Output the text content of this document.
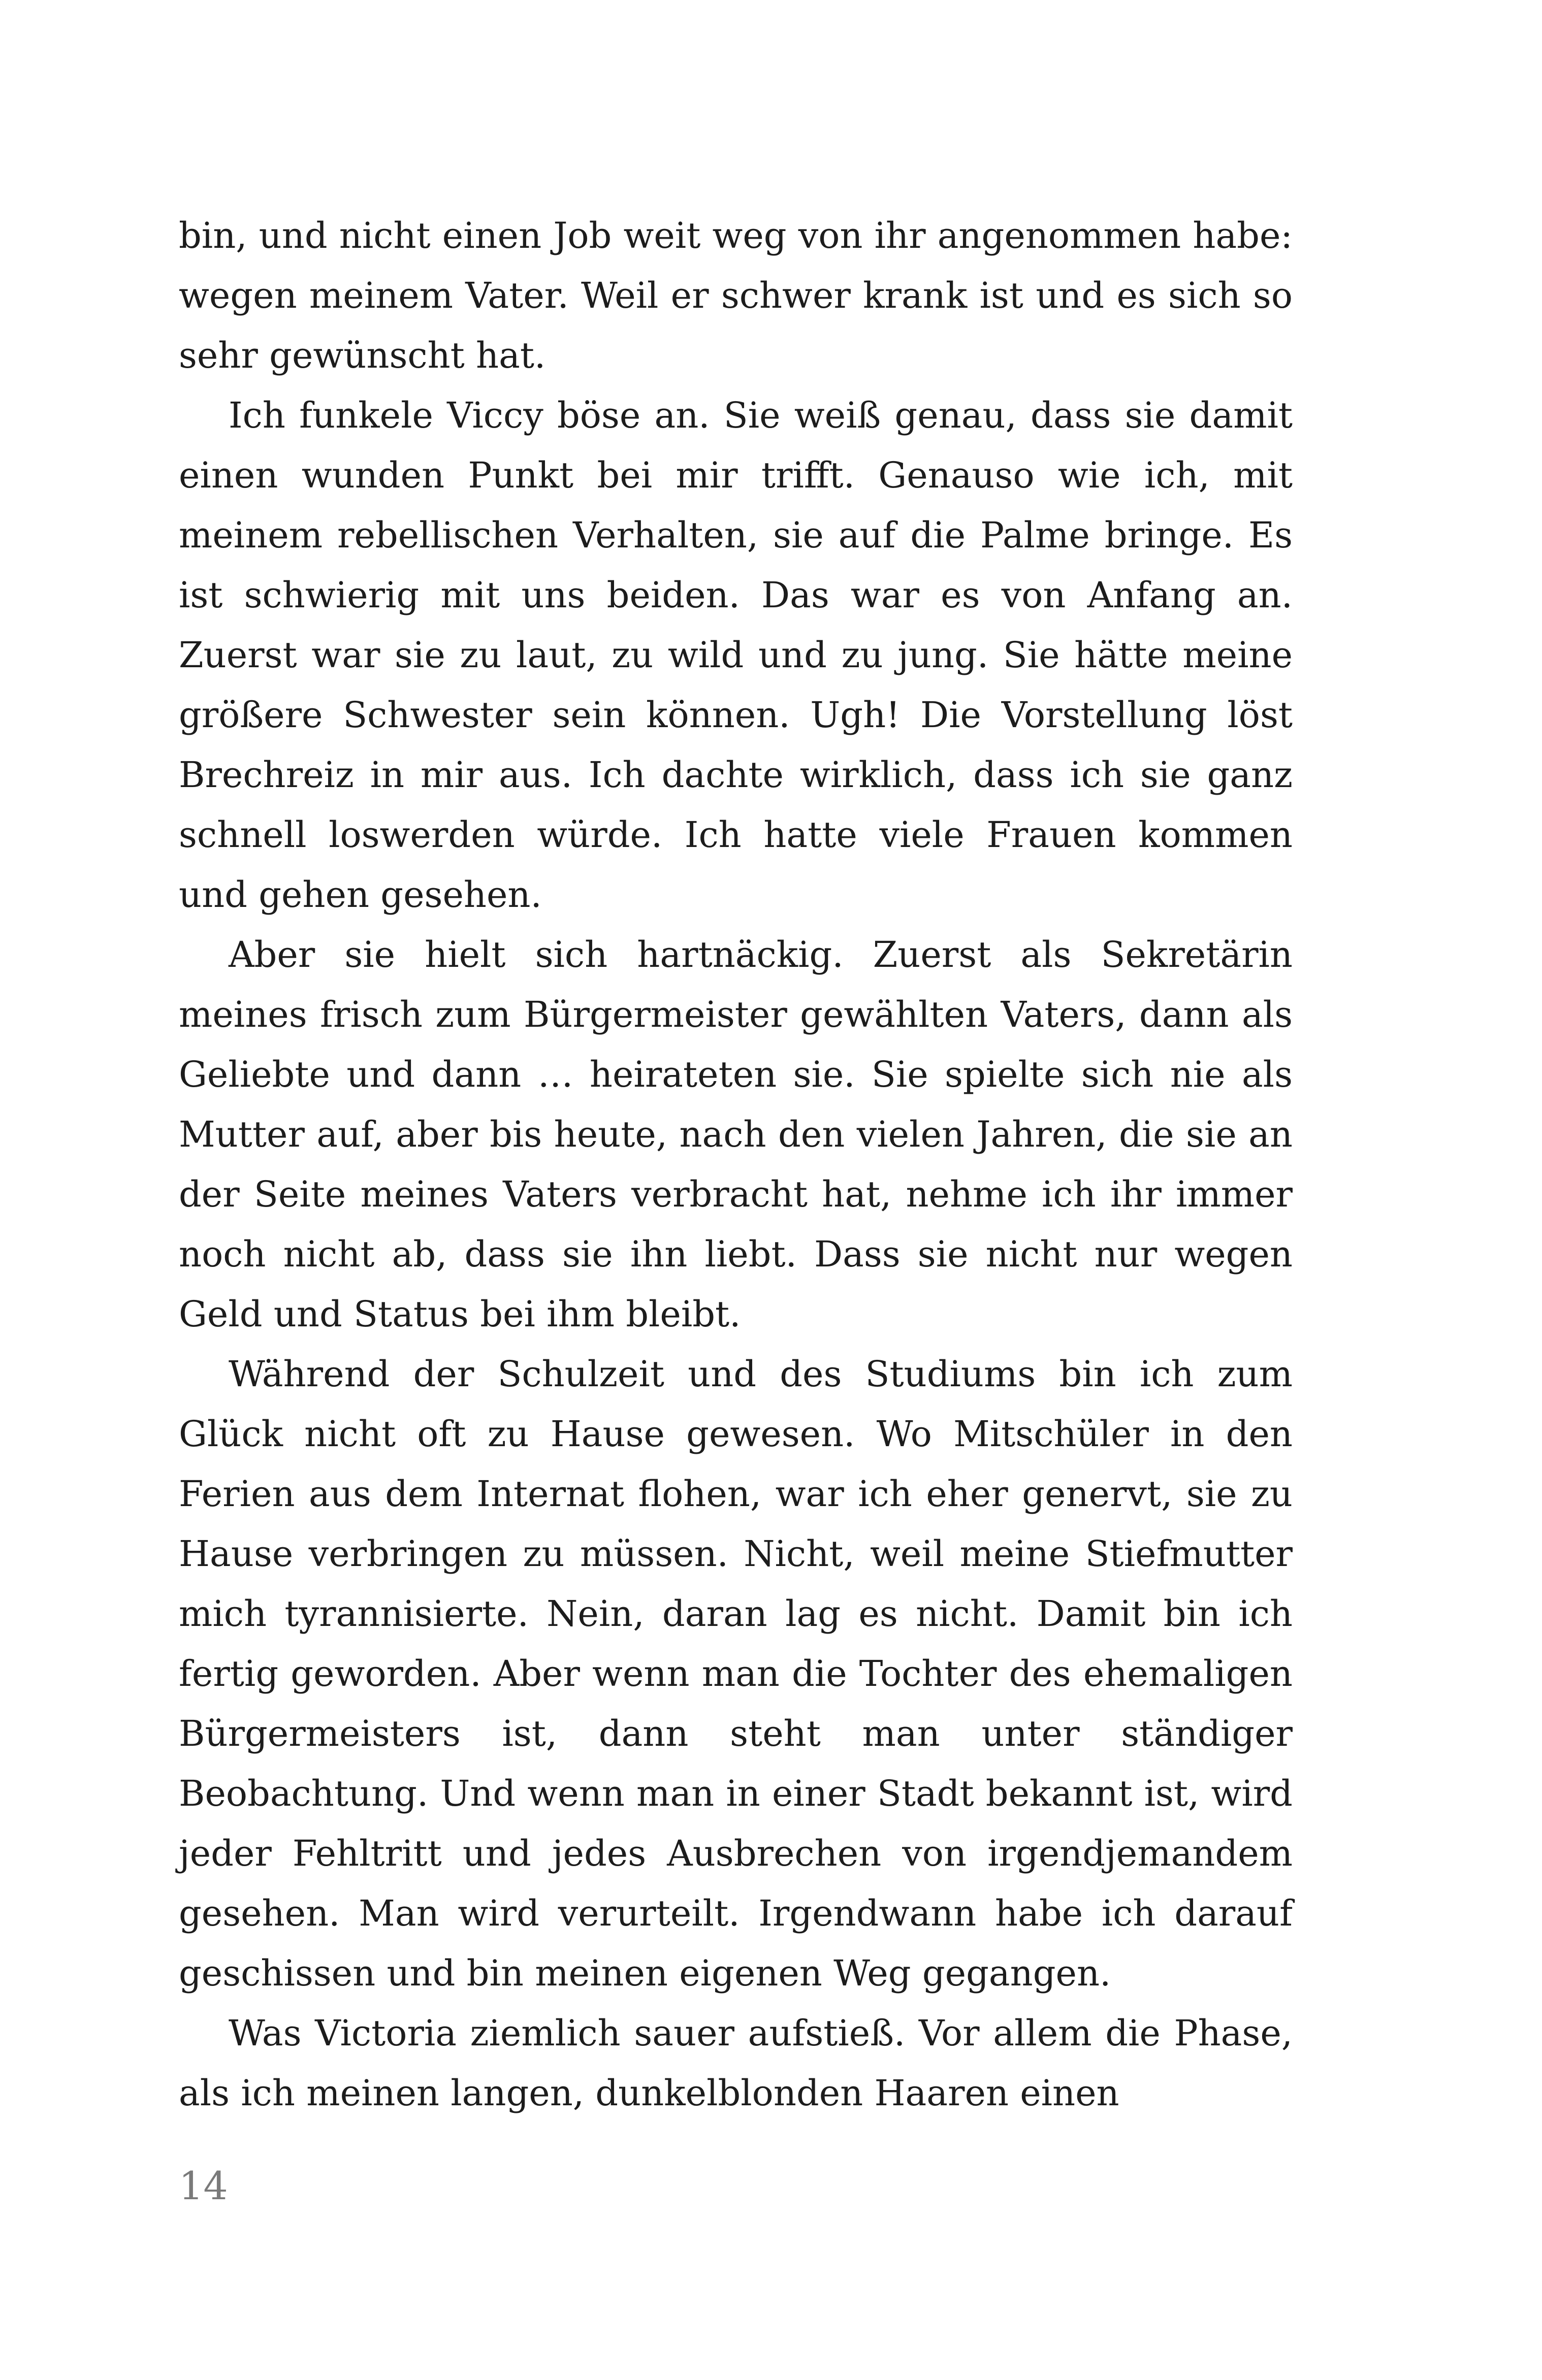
bin, und nicht einen Job weit weg von ihr angenommen habe: wegen meinem Vater. Weil er schwer krank ist und es sich so sehr gewünscht hat.

Ich funkele Viccy böse an. Sie weiß genau, dass sie damit einen wunden Punkt bei mir trifft. Genauso wie ich, mit meinem rebellischen Verhalten, sie auf die Palme bringe. Es ist schwierig mit uns beiden. Das war es von Anfang an. Zuerst war sie zu laut, zu wild und zu jung. Sie hätte meine größere Schwester sein können. Ugh! Die Vorstellung löst Brechreiz in mir aus. Ich dachte wirklich, dass ich sie ganz schnell loswerden würde. Ich hatte viele Frauen kommen und gehen gesehen.

Aber sie hielt sich hartnäckig. Zuerst als Sekretärin meines frisch zum Bürgermeister gewählten Vaters, dann als Geliebte und dann … heirateten sie. Sie spielte sich nie als Mutter auf, aber bis heute, nach den vielen Jahren, die sie an der Seite meines Vaters verbracht hat, nehme ich ihr immer noch nicht ab, dass sie ihn liebt. Dass sie nicht nur wegen Geld und Status bei ihm bleibt.

Während der Schulzeit und des Studiums bin ich zum Glück nicht oft zu Hause gewesen. Wo Mitschüler in den Ferien aus dem Internat flohen, war ich eher genervt, sie zu Hause verbringen zu müssen. Nicht, weil meine Stiefmutter mich tyrannisierte. Nein, daran lag es nicht. Damit bin ich fertig geworden. Aber wenn man die Tochter des ehemaligen Bürgermeisters ist, dann steht man unter ständiger Beobachtung. Und wenn man in einer Stadt bekannt ist, wird jeder Fehltritt und jedes Ausbrechen von irgendjemandem gesehen. Man wird verurteilt. Irgendwann habe ich darauf geschissen und bin meinen eigenen Weg gegangen.

Was Victoria ziemlich sauer aufstieß. Vor allem die Phase, als ich meinen langen, dunkelblonden Haaren einen

14
